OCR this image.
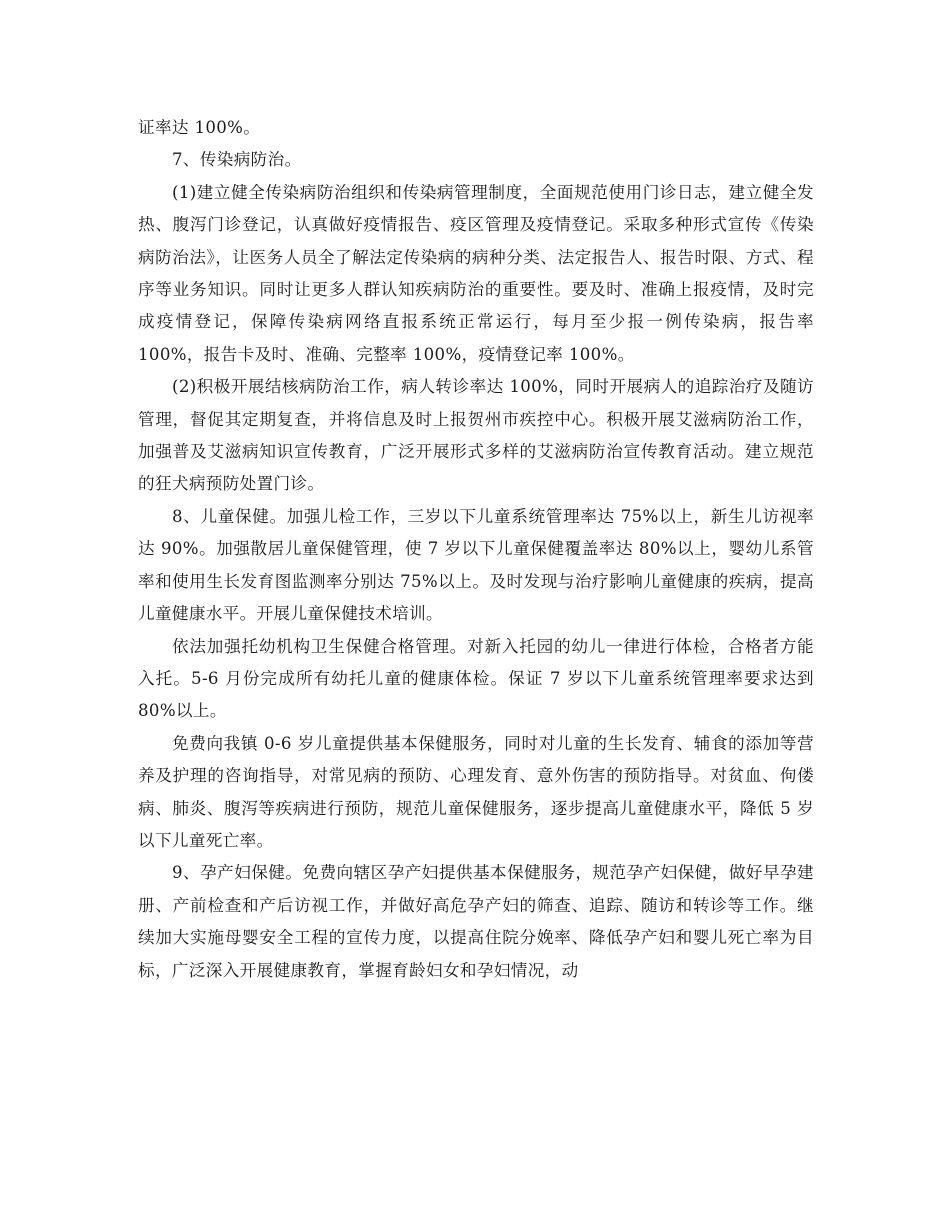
证率达 100%。

7、传染病防治。

(1)建立健全传染病防治组织和传染病管理制度，全面规范使用门诊日志，建立健全发热、腹泻门诊登记，认真做好疫情报告、疫区管理及疫情登记。采取多种形式宣传《传染病防治法》，让医务人员全了解法定传染病的病种分类、法定报告人、报告时限、方式、程序等业务知识。同时让更多人群认知疾病防治的重要性。要及时、准确上报疫情，及时完成疫情登记，保障传染病网络直报系统正常运行，每月至少报一例传染病，报告率 100%，报告卡及时、准确、完整率 100%，疫情登记率 100%。

(2)积极开展结核病防治工作，病人转诊率达 100%，同时开展病人的追踪治疗及随访管理，督促其定期复查，并将信息及时上报贺州市疾控中心。积极开展艾滋病防治工作，加强普及艾滋病知识宣传教育，广泛开展形式多样的艾滋病防治宣传教育活动。建立规范的狂犬病预防处置门诊。

8、儿童保健。加强儿检工作，三岁以下儿童系统管理率达 75%以上，新生儿访视率达 90%。加强散居儿童保健管理，使 7 岁以下儿童保健覆盖率达 80%以上，婴幼儿系管率和使用生长发育图监测率分别达 75%以上。及时发现与治疗影响儿童健康的疾病，提高儿童健康水平。开展儿童保健技术培训。

依法加强托幼机构卫生保健合格管理。对新入托园的幼儿一律进行体检，合格者方能入托。5-6 月份完成所有幼托儿童的健康体检。保证 7 岁以下儿童系统管理率要求达到 80%以上。

免费向我镇 0-6 岁儿童提供基本保健服务，同时对儿童的生长发育、辅食的添加等营养及护理的咨询指导，对常见病的预防、心理发育、意外伤害的预防指导。对贫血、佝偻病、肺炎、腹泻等疾病进行预防，规范儿童保健服务，逐步提高儿童健康水平，降低 5 岁以下儿童死亡率。

9、孕产妇保健。免费向辖区孕产妇提供基本保健服务，规范孕产妇保健，做好早孕建册、产前检查和产后访视工作，并做好高危孕产妇的筛查、追踪、随访和转诊等工作。继续加大实施母婴安全工程的宣传力度，以提高住院分娩率、降低孕产妇和婴儿死亡率为目标，广泛深入开展健康教育，掌握育龄妇女和孕妇情况，动
